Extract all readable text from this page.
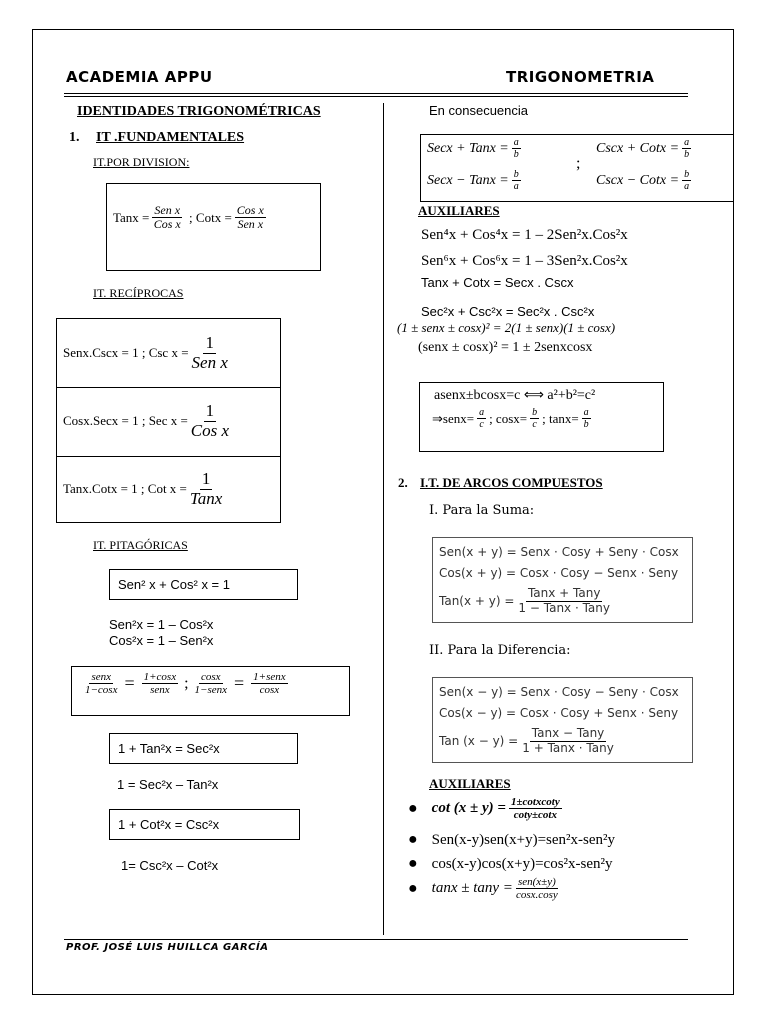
ACADEMIA APPU	TRIGONOMETRIA
IDENTIDADES TRIGONOMÉTRICAS
1. IT .FUNDAMENTALES
IT.POR DIVISION:
Tanx = $\frac{\text{Sen x}}{\text{Cos x}}$ ; Cotx = $\frac{\text{Cos x}}{\text{Sen x}}$
IT. RECÍPROCAS
Senx.Cscx = 1 ; Csc $x = \frac{1}{\text{Sen x}}$
Cosx.Secx = 1 ; Sec $x = \frac{1}{\text{Cos x}}$
Tanx.Cotx = 1 ; Cot $x = \frac{1}{\text{Tanx}}$
IT. PITAGÓRICAS
Sen² x + Cos² x = 1
Sen²x = 1 – Cos²x
Cos²x = 1 – Sen²x
$\frac{\text{senx}}{1-\cos x} = \frac{1+\cos x}{\text{senx}}$ ; $\frac{\cos x}{\text{1−senx}} = \frac{\text{1+senx}}{\cos x}$
1 + Tan²x = Sec²x
1 = Sec²x – Tan²x
1 + Cot²x = Csc²x
1= Csc²x – Cot²x
En consecuencia
Secx + Tanx = $\frac{a}{b}$	Cscx + Cotx = $\frac{a}{b}$
;
Secx − Tanx = $\frac{b}{a}$	Cscx − Cotx = $\frac{b}{a}$
AUXILIARES
Sen⁴x + Cos⁴x = 1 – 2Sen²x.Cos²x
Sen⁶x + Cos⁶x = 1 – 3Sen²x.Cos²x
Tanx + Cotx = Secx . Cscx
Sec²x + Csc²x = Sec²x . Csc²x
(1 ± senx ± cosx)² = 2(1 ± senx)(1 ± cosx)
(senx ± cosx)² = 1 ± 2senxcosx
asenx±bcosx=c ⟺ a²+b²=c²
⇒senx= $\frac{a}{c}$ ; $\cos x= \frac{b}{c}$ ; $\tan x= \frac{a}{b}$
2. I.T. DE ARCOS COMPUESTOS
I. Para la Suma:
Sen(x + y) = Senx · Cosy + Seny · Cosx
Cos(x + y) = Cosx · Cosy − Senx · Seny
$Tan(x + y) = \frac{\text{Tanx + Tany}}{\text{1 − Tanx · Tany}}$
II. Para la Diferencia:
Sen(x − y) = Senx · Cosy − Seny · Cosx
Cos(x − y) = Cosx · Cosy + Senx · Seny
Tan $(x - y) = \frac{\text{Tanx − Tany}}{\text{1 + Tanx · Tany}}$
AUXILIARES
● $\cot (x \pm y) = \frac{\text{1±cotxcoty}}{\cot y\pm\cot x}$
● Sen(x-y)sen(x+y)=sen²x-sen²y
● cos(x-y)cos(x+y)=cos²x-sen²y
● $\tan x \pm \tan y = \frac{\text{sen(x±y)}}{\cos x.\cos y}$
PROF. JOSÉ LUIS HUILLCA GARCÍA
